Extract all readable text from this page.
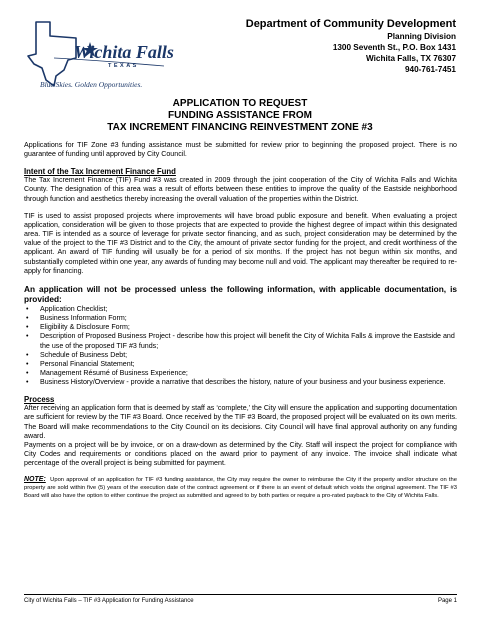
Wichita Falls
TEXAS
Blue Skies. Golden Opportunities.
Department of Community Development
Planning Division
1300 Seventh St., P.O. Box 1431
Wichita Falls, TX 76307
940-761-7451
APPLICATION TO REQUEST
FUNDING ASSISTANCE FROM
TAX INCREMENT FINANCING REINVESTMENT ZONE #3

Applications for TIF Zone #3 funding assistance must be submitted for review prior to beginning the proposed project. There is no guarantee of funding until approved by City Council.

Intent of the Tax Increment Finance Fund

The Tax Increment Finance (TIF) Fund #3 was created in 2009 through the joint cooperation of the City of Wichita Falls and Wichita County. The designation of this area was a result of efforts between these entities to improve the quality of the Eastside neighborhood through function and aesthetics thereby increasing the overall valuation of the properties within the District.

TIF is used to assist proposed projects where improvements will have broad public exposure and benefit. When evaluating a project application, consideration will be given to those projects that are expected to provide the highest degree of impact within this designated area. TIF is intended as a source of leverage for private sector financing, and as such, project consideration may be determined by the value of the project to the TIF #3 District and to the City, the amount of private sector funding for the project, and credit worthiness of the applicant. An award of TIF funding will usually be for a period of six months. If the project has not begun within six months, and substantially completed within one year, any awards of funding may become null and void. The applicant may thereafter be required to re-apply for financing.

An application will not be processed unless the following information, with applicable documentation, is provided:

• Application Checklist;
• Business Information Form;
• Eligibility & Disclosure Form;
• Description of Proposed Business Project - describe how this project will benefit the City of Wichita Falls & improve the Eastside and the use of the proposed TIF #3 funds;
• Schedule of Business Debt;
• Personal Financial Statement;
• Management Résumé of Business Experience;
• Business History/Overview - provide a narrative that describes the history, nature of your business and your business experience.

Process

After receiving an application form that is deemed by staff as ‘complete,’ the City will ensure the application and supporting documentation are sufficient for review by the TIF #3 Board. Once received by the TIF #3 Board, the proposed project will be evaluated on its own merits. The Board will make recommendations to the City Council on its decisions. City Council will have final approval authority on any funding award.

Payments on a project will be by invoice, or on a draw-down as determined by the City. Staff will inspect the project for compliance with City Codes and requirements or conditions placed on the award prior to payment of any invoice. The invoice shall indicate what percentage of the overall project is being submitted for payment.

NOTE: Upon approval of an application for TIF #3 funding assistance, the City may require the owner to reimburse the City if the property and/or structure on the property are sold within five (5) years of the execution date of the contract agreement or if there is an event of default which voids the original agreement. The TIF #3 Board will also have the option to either continue the project as submitted and agreed to by both parties or require a pro-rated payback to the City of Wichita Falls.

City of Wichita Falls – TIF #3 Application for Funding Assistance	Page 1
